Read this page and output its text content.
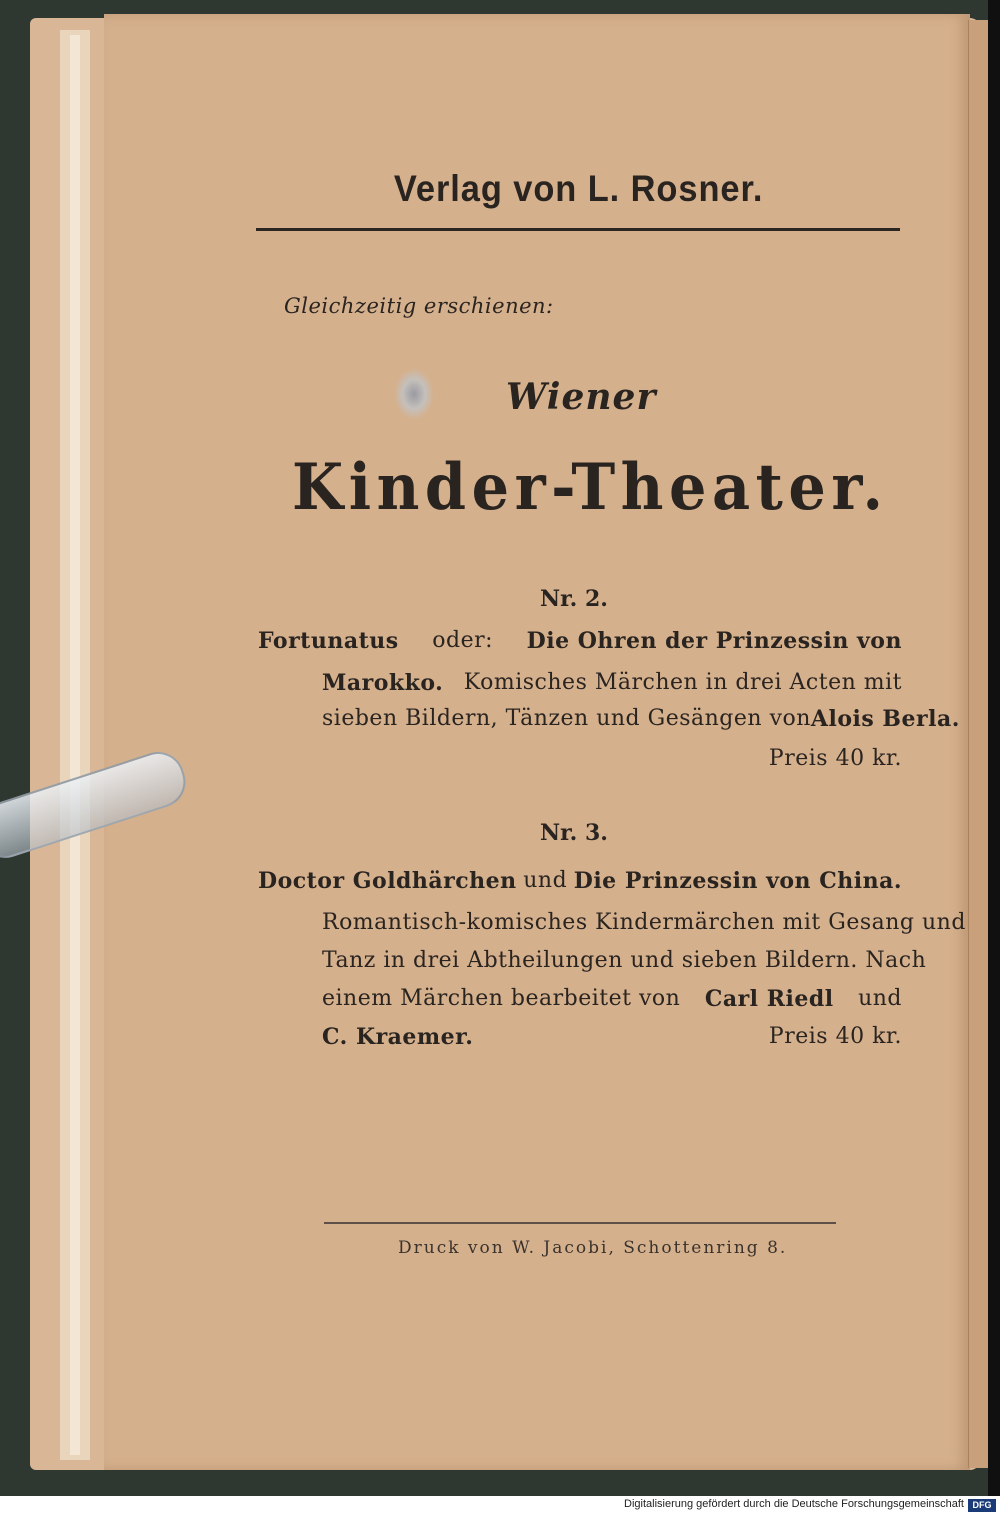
Verlag von L. Rosner.
Gleichzeitig erschienen:
Wiener
Kinder-Theater.
Nr. 2.
Fortunatus oder: Die Ohren der Prinzessin von
Marokko. Komisches Märchen in drei Acten mit
sieben Bildern, Tänzen und Gesängen von Alois Berla.
Preis 40 kr.
Nr. 3.
Doctor Goldhärchen und Die Prinzessin von China.
Romantisch-komisches Kindermärchen mit Gesang und
Tanz in drei Abtheilungen und sieben Bildern. Nach
einem Märchen bearbeitet von Carl Riedl und
C. Kraemer.	Preis 40 kr.
Druck von W. Jacobi, Schottenring 8.
Digitalisierung gefördert durch die Deutsche Forschungsgemeinschaft DFG
